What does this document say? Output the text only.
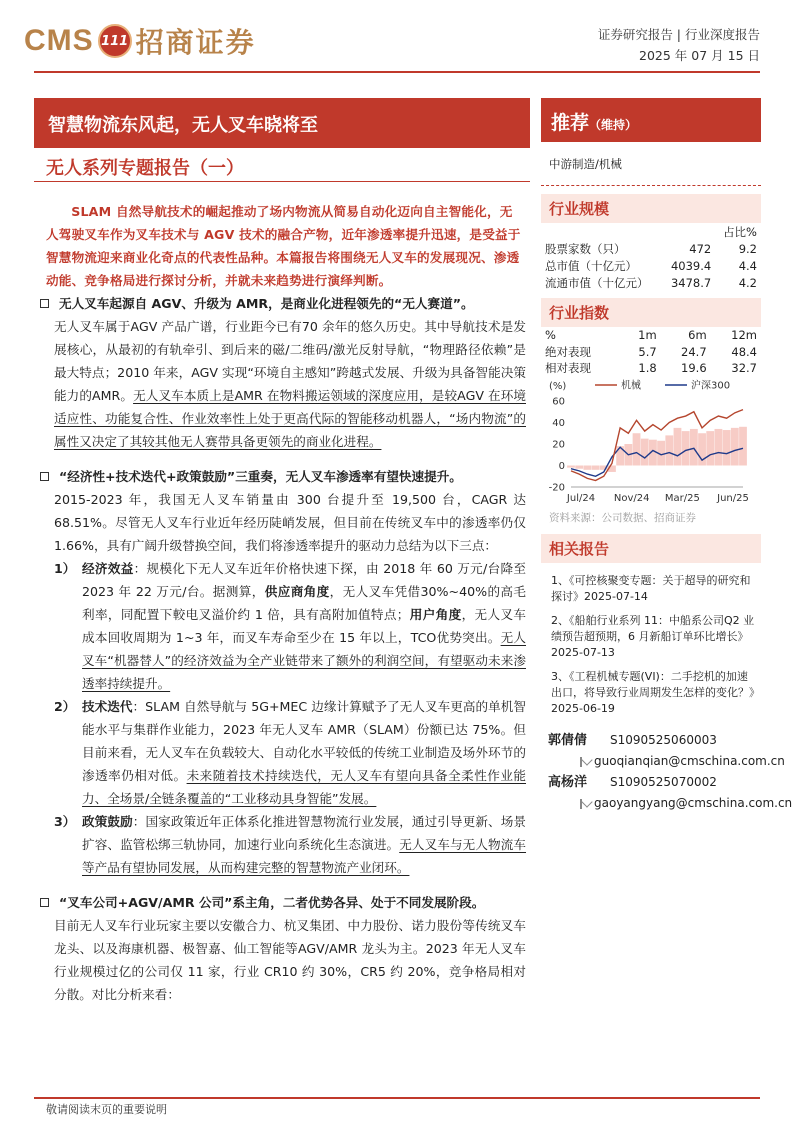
CMS 111 招商证券	证券研究报告 | 行业深度报告
2025 年 07 月 15 日
智慧物流东风起，无人叉车晓将至	推荐（维持）
无人系列专题报告（一）
SLAM 自然导航技术的崛起推动了场内物流从简易自动化迈向自主智能化，无人驾驶叉车作为叉车技术与 AGV 技术的融合产物，近年渗透率提升迅速，是受益于智慧物流迎来商业化奇点的代表性品种。本篇报告将围绕无人叉车的发展现况、渗透动能、竞争格局进行探讨分析，并就未来趋势进行演绎判断。
无人叉车起源自 AGV、升级为 AMR，是商业化进程领先的“无人赛道”。
无人叉车属于AGV 产品广谱，行业距今已有70 余年的悠久历史。其中导航技术是发展核心，从最初的有轨牵引、到后来的磁/二维码/激光反射导航，“物理路径依赖”是最大特点；2010 年来，AGV 实现“环境自主感知”跨越式发展、升级为具备智能决策能力的AMR。无人叉车本质上是AMR 在物料搬运领域的深度应用，是较AGV 在环境适应性、功能复合性、作业效率性上处于更高代际的智能移动机器人，“场内物流”的属性又决定了其较其他无人赛带具备更领先的商业化进程。
“经济性+技术迭代+政策鼓励”三重奏，无人叉车渗透率有望快速提升。
2015-2023 年，我国无人叉车销量由 300 台提升至 19,500 台，CAGR 达68.51%。尽管无人叉车行业近年经历陡峭发展，但目前在传统叉车中的渗透率仍仅 1.66%，具有广阔升级替换空间，我们将渗透率提升的驱动力总结为以下三点：
1） 经济效益：规模化下无人叉车近年价格快速下探，由 2018 年 60 万元/台降至 2023 年 22 万元/台。据测算，供应商角度，无人叉车凭借30%~40%的高毛利率，同配置下較电叉溢价约 1 倍，具有高附加值特点；用户角度，无人叉车成本回收周期为 1~3 年，而叉车寿命至少在 15 年以上，TCO优势突出。无人叉车“机器替人”的经济效益为全产业链带来了额外的利润空间，有望驱动未来渗透率持续提升。
2） 技术迭代：SLAM 自然导航与 5G+MEC 边缘计算赋予了无人叉车更高的单机智能水平与集群作业能力，2023 年无人叉车 AMR（SLAM）份额已达 75%。但目前来看，无人叉车在负载较大、自动化水平较低的传统工业制造及场外环节的渗透率仍相对低。未来随着技术持续迭代，无人叉车有望向具备全柔性作业能力、全场景/全链条覆盖的“工业移动具身智能”发展。
3） 政策鼓励：国家政策近年正体系化推进智慧物流行业发展，通过引导更新、场景扩容、监管松绑三轨协同，加速行业向系统化生态演进。无人叉车与无人物流车等产品有望协同发展，从而构建完整的智慧物流产业闭环。
“叉车公司+AGV/AMR 公司”系主角，二者优势各异、处于不同发展阶段。
目前无人叉车行业玩家主要以安徽合力、杭叉集团、中力股份、诺力股份等传统叉车龙头、以及海康机器、极智嘉、仙工智能等AGV/AMR 龙头为主。2023 年无人叉车行业规模过亿的公司仅 11 家，行业 CR10 约 30%，CR5 约 20%，竞争格局相对分散。对比分析来看：
中游制造/机械
行业规模
		占比%
股票家数（只）	472	9.2
总市值（十亿元）	4039.4	4.4
流通市值（十亿元）	3478.7	4.2
行业指数
%	1m	6m	12m
绝对表现	5.7	24.7	48.4
相对表现	1.8	19.6	32.7
(%)
60
40
20
0
-20
Jul/24 Nov/24 Mar/25 Jun/25
机械	沪深300
资料来源：公司数据、招商证券
相关报告
1、《可控核聚变专题：关于超导的研究和探讨》2025-07-14
2、《船舶行业系列 11：中船系公司Q2 业绩预告超预期，6 月新船订单环比增长》2025-07-13
3、《工程机械专题(VI)：二手挖机的加速出口，将导致行业周期发生怎样的变化？》2025-06-19
郭倩倩	S1090525060003
guoqianqian@cmschina.com.cn
高杨洋	S1090525070002
gaoyangyang@cmschina.com.cn
敬请阅读末页的重要说明
